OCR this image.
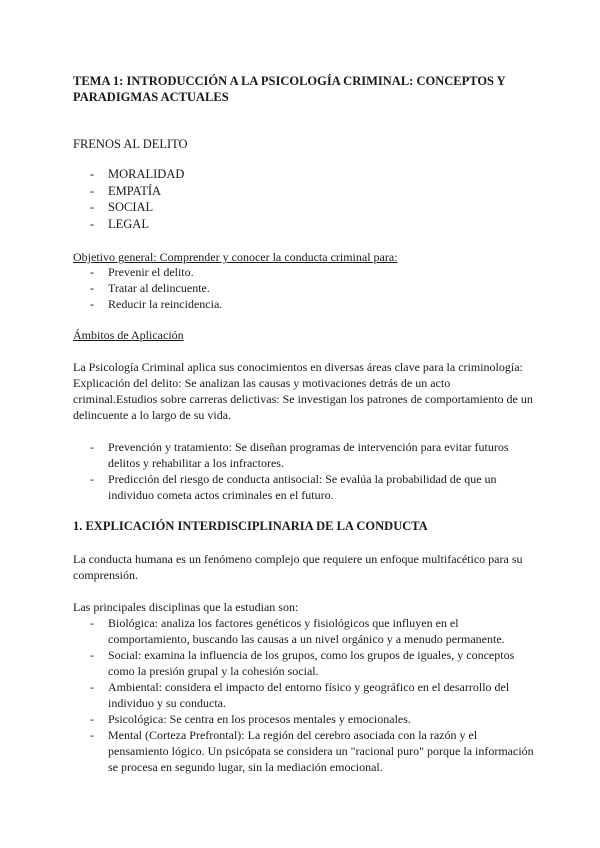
TEMA 1: INTRODUCCIÓN A LA PSICOLOGÍA CRIMINAL: CONCEPTOS Y PARADIGMAS ACTUALES
FRENOS AL DELITO
- MORALIDAD
- EMPATÍA
- SOCIAL
- LEGAL
Objetivo general: Comprender y conocer la conducta criminal para:
- Prevenir el delito.
- Tratar al delincuente.
- Reducir la reincidencia.
Ámbitos de Aplicación

La Psicología Criminal aplica sus conocimientos en diversas áreas clave para la criminología: Explicación del delito: Se analizan las causas y motivaciones detrás de un acto criminal.Estudios sobre carreras delictivas: Se investigan los patrones de comportamiento de un delincuente a lo largo de su vida.

- Prevención y tratamiento: Se diseñan programas de intervención para evitar futuros delitos y rehabilitar a los infractores.
- Predicción del riesgo de conducta antisocial: Se evalúa la probabilidad de que un individuo cometa actos criminales en el futuro.
1. EXPLICACIÓN INTERDISCIPLINARIA DE LA CONDUCTA

La conducta humana es un fenómeno complejo que requiere un enfoque multifacético para su comprensión.

Las principales disciplinas que la estudian son:

- Biológica: analiza los factores genéticos y fisiológicos que influyen en el comportamiento, buscando las causas a un nivel orgánico y a menudo permanente.
- Social: examina la influencia de los grupos, como los grupos de iguales, y conceptos como la presión grupal y la cohesión social.
- Ambiental: considera el impacto del entorno físico y geográfico en el desarrollo del individuo y su conducta.
- Psicológica: Se centra en los procesos mentales y emocionales.
- Mental (Corteza Prefrontal): La región del cerebro asociada con la razón y el pensamiento lógico. Un psicópata se considera un "racional puro" porque la información se procesa en segundo lugar, sin la mediación emocional.
